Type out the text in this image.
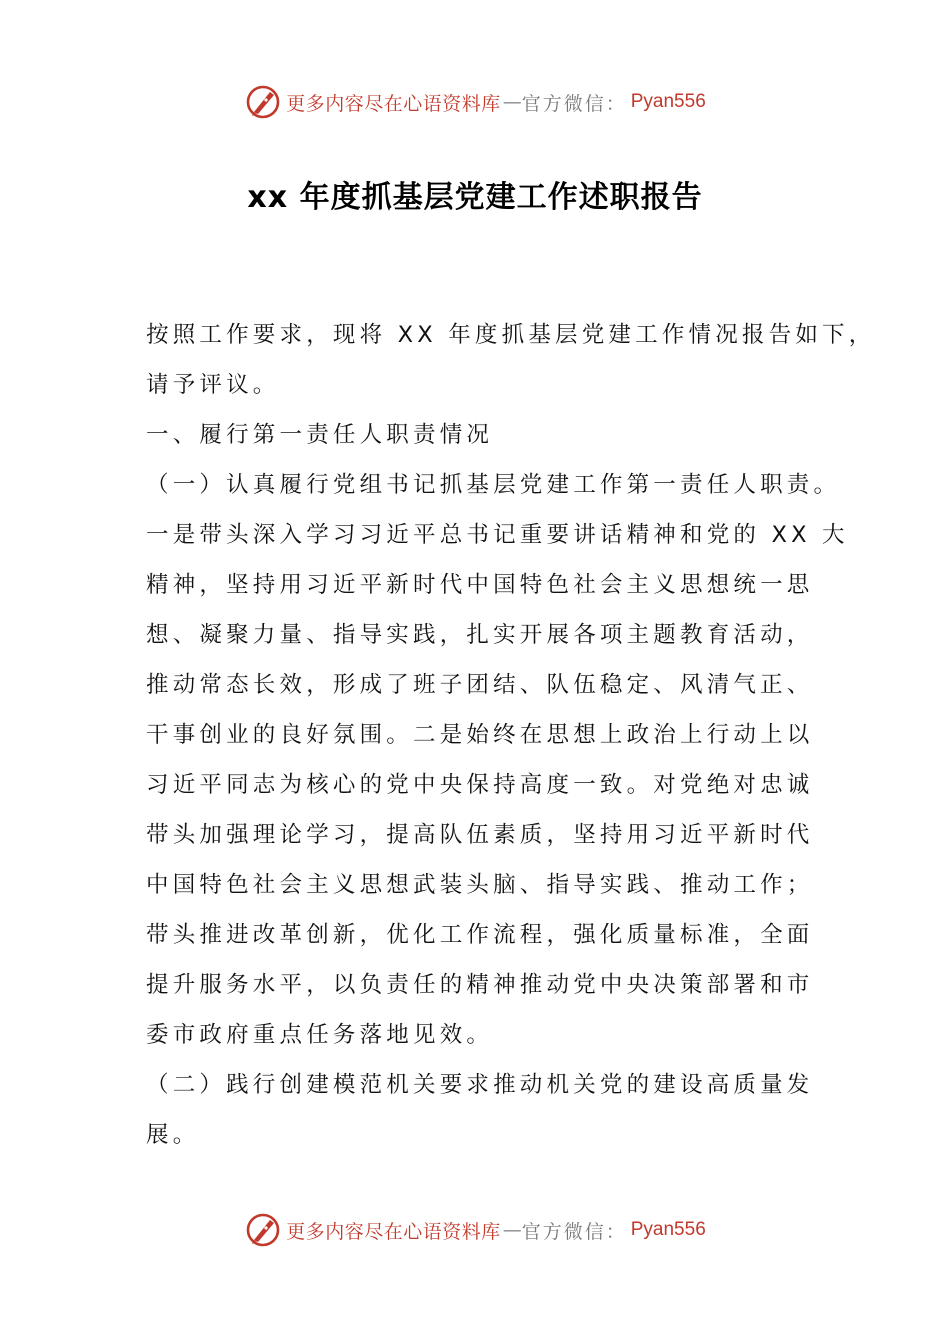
更多内容尽在心语资料库 — 官方微信： Pyan556
xx 年度抓基层党建工作述职报告
按照工作要求，现将 XX 年度抓基层党建工作情况报告如下，
请予评议。
一、履行第一责任人职责情况
（一）认真履行党组书记抓基层党建工作第一责任人职责。
一是带头深入学习习近平总书记重要讲话精神和党的 XX 大
精神，坚持用习近平新时代中国特色社会主义思想统一思
想、凝聚力量、指导实践，扎实开展各项主题教育活动，
推动常态长效，形成了班子团结、队伍稳定、风清气正、
干事创业的良好氛围。二是始终在思想上政治上行动上以
习近平同志为核心的党中央保持高度一致。对党绝对忠诚
带头加强理论学习，提高队伍素质，坚持用习近平新时代
中国特色社会主义思想武装头脑、指导实践、推动工作；
带头推进改革创新，优化工作流程，强化质量标准，全面
提升服务水平，以负责任的精神推动党中央决策部署和市
委市政府重点任务落地见效。
（二）践行创建模范机关要求推动机关党的建设高质量发
展。
更多内容尽在心语资料库 — 官方微信： Pyan556
